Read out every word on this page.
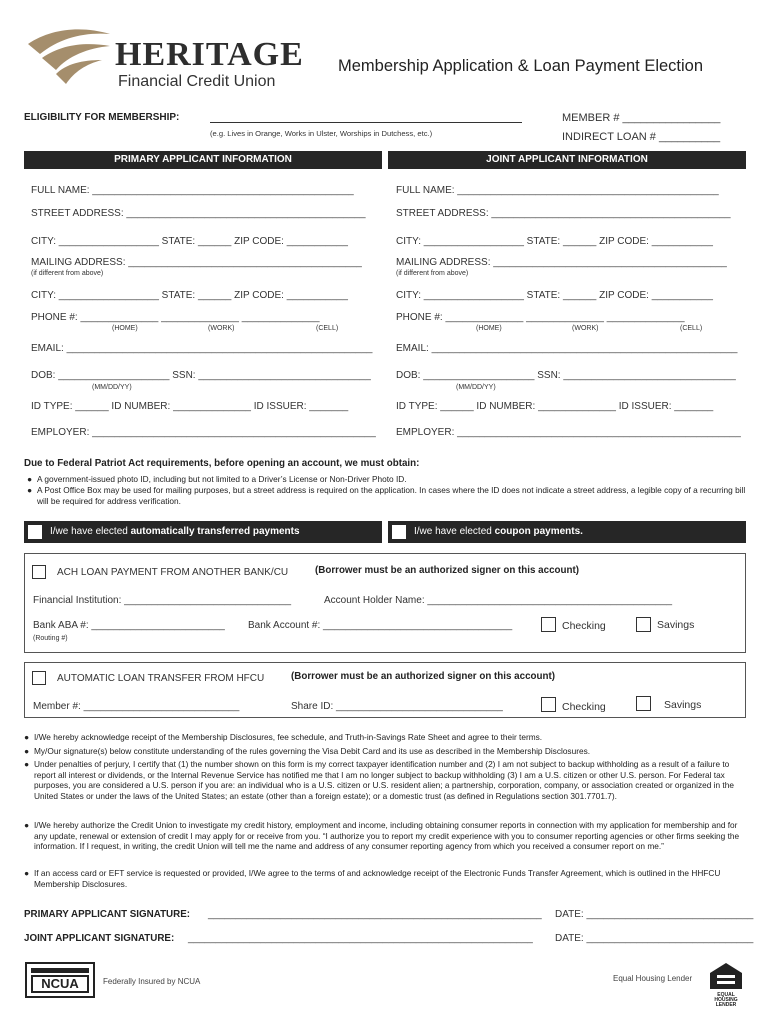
HERITAGE
Financial Credit Union
Membership Application & Loan Payment Election
ELIGIBILITY FOR MEMBERSHIP:
(e.g. Lives in Orange, Works in Ulster, Worships in Dutchess, etc.)
MEMBER # ________________
INDIRECT LOAN # __________
PRIMARY APPLICANT INFORMATION	JOINT APPLICANT INFORMATION
FULL NAME: _______________________________________________
STREET ADDRESS: ___________________________________________
CITY: __________________ STATE: ______ ZIP CODE: ___________
MAILING ADDRESS: __________________________________________
(if different from above)
CITY: __________________ STATE: ______ ZIP CODE: ___________
PHONE #: ______________ ______________ ______________
(HOME)	(WORK)	(CELL)
EMAIL: _______________________________________________________
DOB: ____________________ SSN: _______________________________
(MM/DD/YY)
ID TYPE: ______ ID NUMBER: ______________ ID ISSUER: _______
EMPLOYER: ___________________________________________________
FULL NAME: _______________________________________________
STREET ADDRESS: ___________________________________________
CITY: __________________ STATE: ______ ZIP CODE: ___________
MAILING ADDRESS: __________________________________________
(if different from above)
CITY: __________________ STATE: ______ ZIP CODE: ___________
PHONE #: ______________ ______________ ______________
(HOME)	(WORK)	(CELL)
EMAIL: _______________________________________________________
DOB: ____________________ SSN: _______________________________
(MM/DD/YY)
ID TYPE: ______ ID NUMBER: ______________ ID ISSUER: _______
EMPLOYER: ___________________________________________________
Due to Federal Patriot Act requirements, before opening an account, we must obtain:
● A government-issued photo ID, including but not limited to a Driver’s License or Non-Driver Photo ID.
● A Post Office Box may be used for mailing purposes, but a street address is required on the application. In cases where the ID does not indicate a street address, a legible copy of a recurring bill will be required for address verification.
I/we have elected automatically transferred payments	I/we have elected coupon payments.
ACH LOAN PAYMENT FROM ANOTHER BANK/CU	(Borrower must be an authorized signer on this account)
Financial Institution: ______________________________	Account Holder Name: ____________________________________________
Bank ABA #: ________________________
(Routing #)
Bank Account #: __________________________________	Checking	Savings
AUTOMATIC LOAN TRANSFER FROM HFCU	(Borrower must be an authorized signer on this account)
Member #: ____________________________	Share ID: ______________________________	Checking	Savings
● I/We hereby acknowledge receipt of the Membership Disclosures, fee schedule, and Truth-in-Savings Rate Sheet and agree to their terms.
● My/Our signature(s) below constitute understanding of the rules governing the Visa Debit Card and its use as described in the Membership Disclosures.
● Under penalties of perjury, I certify that (1) the number shown on this form is my correct taxpayer identification number and (2) I am not subject to backup withholding as a result of a failure to report all interest or dividends, or the Internal Revenue Service has notified me that I am no longer subject to backup withholding (3) I am a U.S. citizen or other U.S. person. For Federal tax purposes, you are considered a U.S. person if you are: an individual who is a U.S. citizen or U.S. resident alien; a partnership, corporation, company, or association created or organized in the United States or under the laws of the United States; an estate (other than a foreign estate); or a domestic trust (as defined in Regulations section 301.7701.7).
● I/We hereby authorize the Credit Union to investigate my credit history, employment and income, including obtaining consumer reports in connection with my application for membership and for any update, renewal or extension of credit I may apply for or receive from you. “I authorize you to report my credit experience with you to consumer reporting agencies or other firms seeking the information. If I request, in writing, the credit Union will tell me the name and address of any consumer reporting agency from which you received a consumer report on me.”
● If an access card or EFT service is requested or provided, I/We agree to the terms of and acknowledge receipt of the Electronic Funds Transfer Agreement, which is outlined in the HHFCU Membership Disclosures.
PRIMARY APPLICANT SIGNATURE: ____________________________________________________________ DATE: ______________________________
JOINT APPLICANT SIGNATURE: ______________________________________________________________ DATE: ______________________________
NCUA	Federally Insured by NCUA	Equal Housing Lender
EQUAL HOUSING LENDER
